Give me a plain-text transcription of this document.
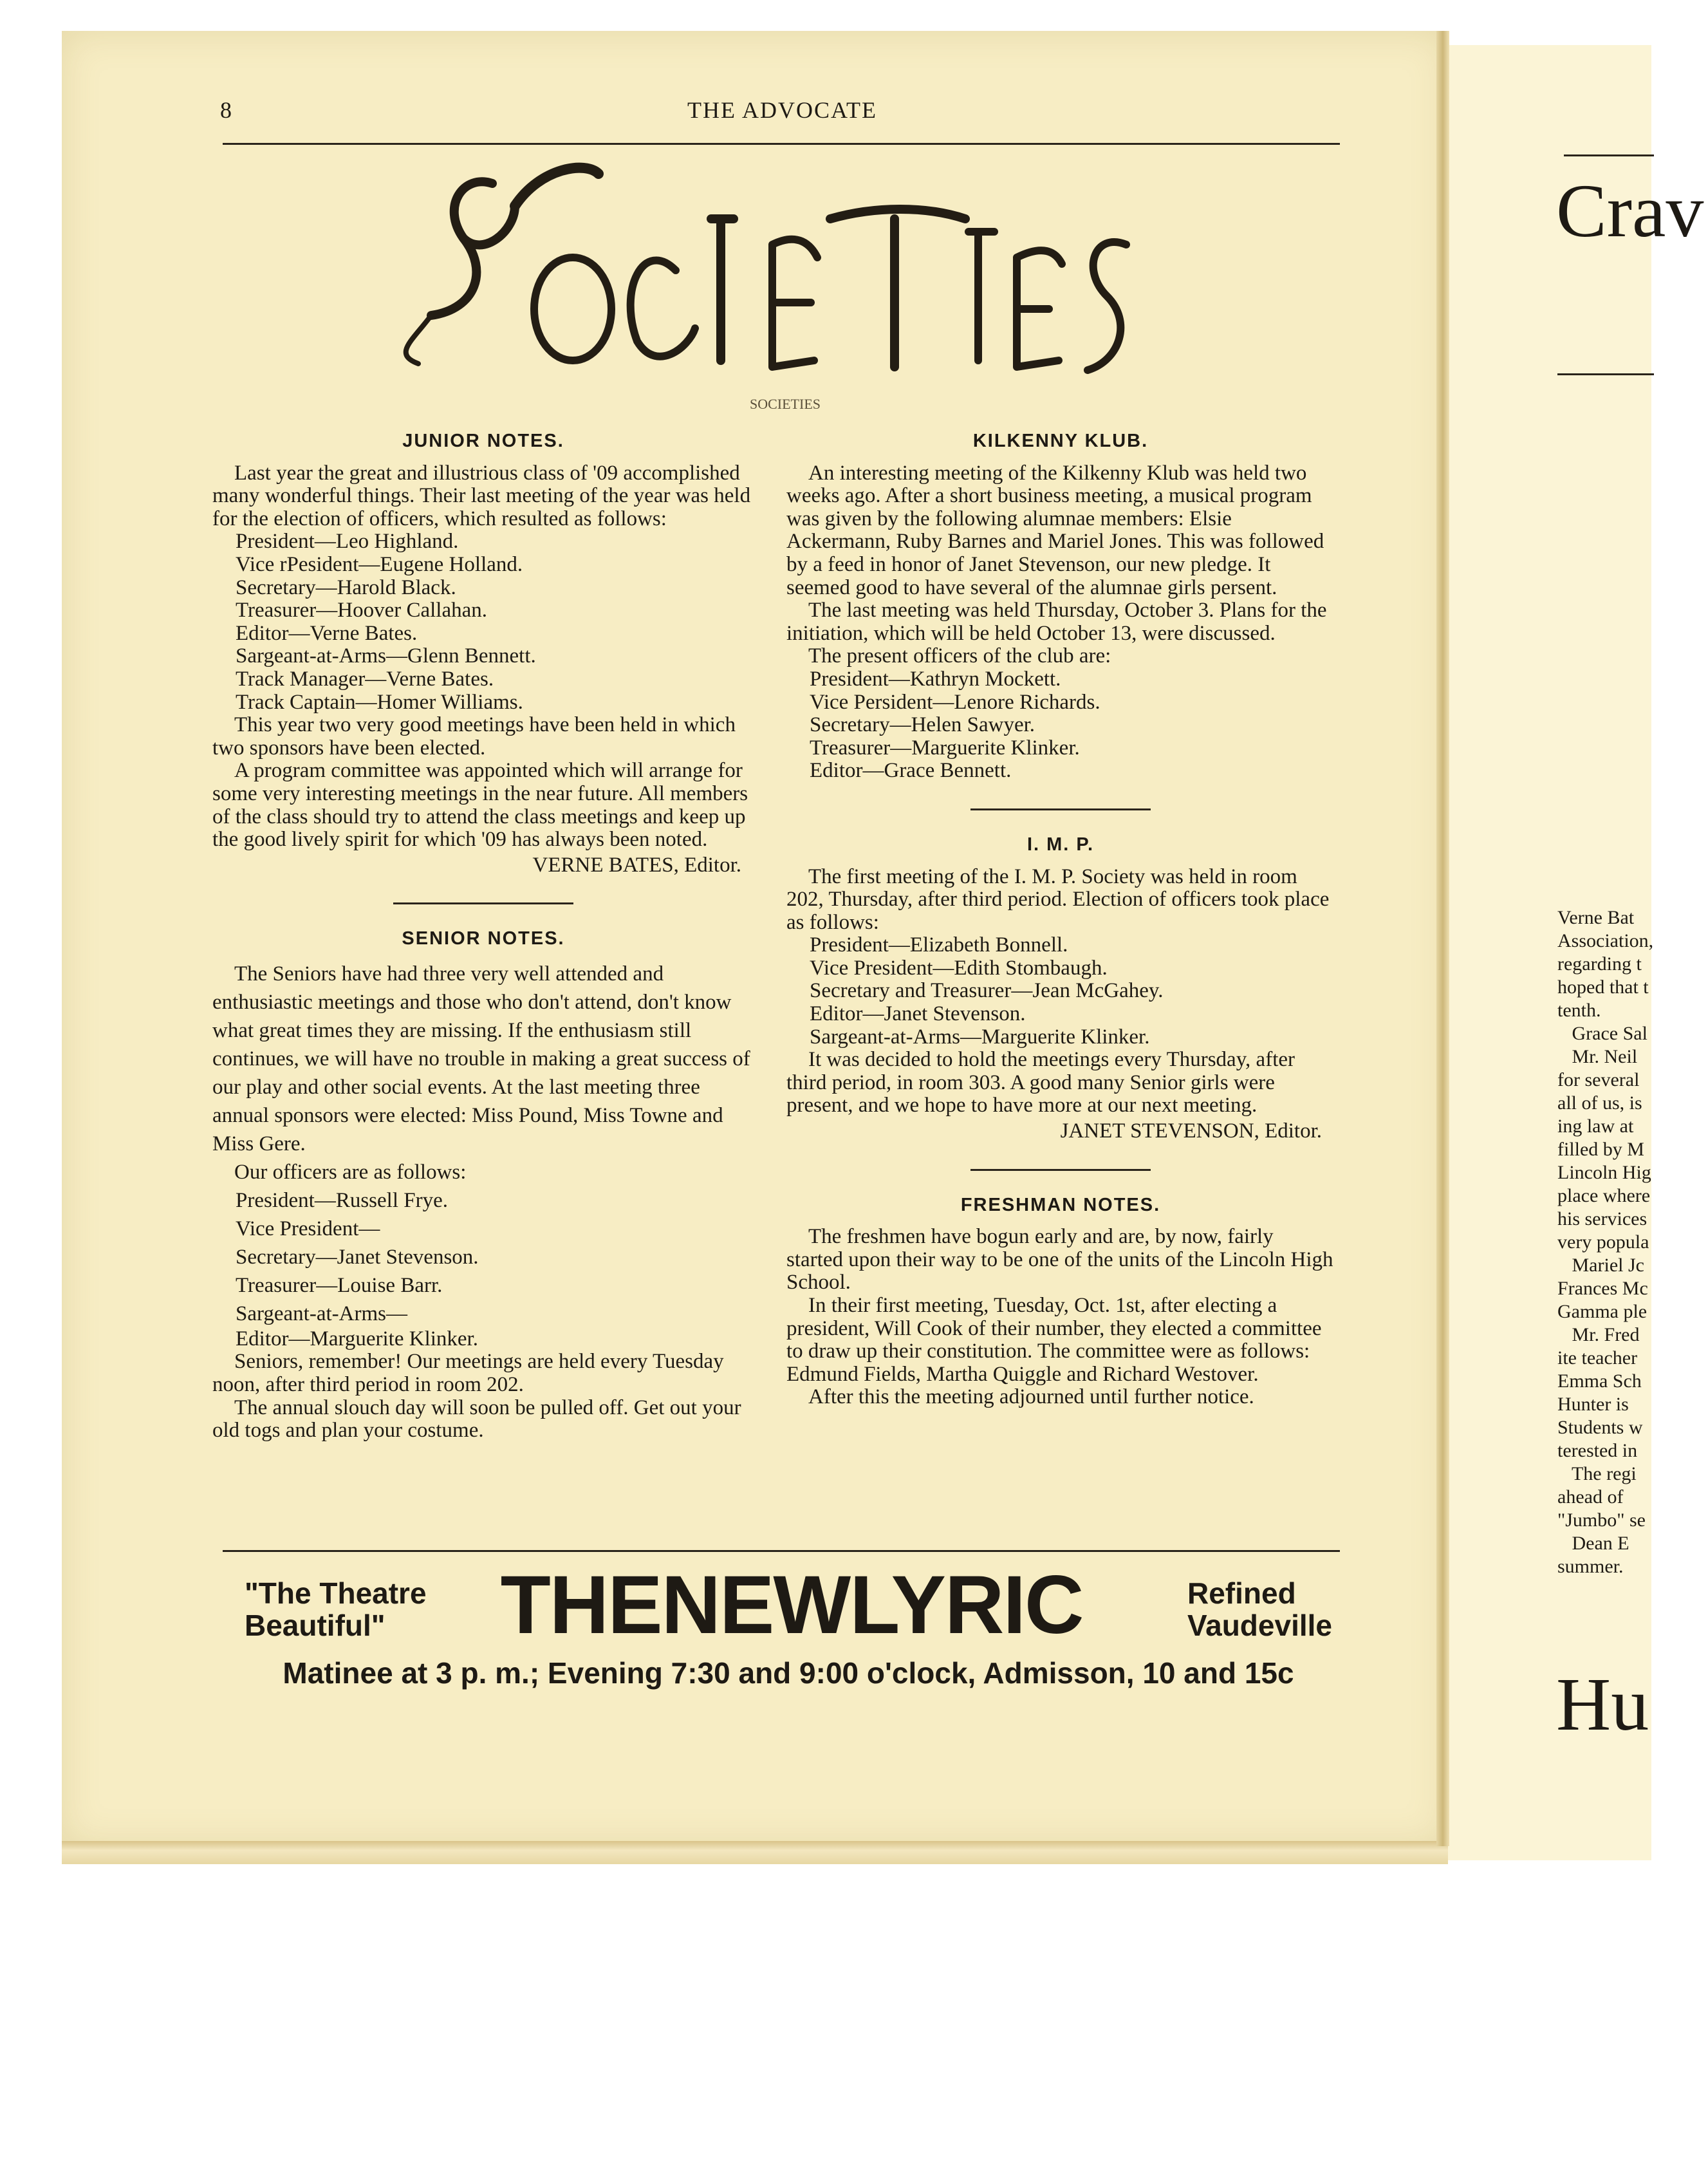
Crav
Verne Bat
Association,
regarding t
hoped that t
tenth.
Grace Sal
Mr. Neil
for several
all of us, is
ing law at
filled by M
Lincoln Hig
place where
his services
very popula
Mariel Jc
Frances Mc
Gamma ple
Mr. Fred
ite teacher
Emma Sch
Hunter is
Students w
terested in
The regi
ahead of
"Jumbo" se
Dean E
summer.
Hu
8	THE ADVOCATE
SOCIETIES
JUNIOR NOTES.

Last year the great and illustrious class of '09 accomplished many wonderful things. Their last meeting of the year was held for the election of officers, which resulted as follows:

President—Leo Highland.

Vice rPesident—Eugene Holland.

Secretary—Harold Black.

Treasurer—Hoover Callahan.

Editor—Verne Bates.

Sargeant-at-Arms—Glenn Bennett.

Track Manager—Verne Bates.

Track Captain—Homer Williams.

This year two very good meetings have been held in which two sponsors have been elected.

A program committee was appointed which will arrange for some very interesting meetings in the near future. All members of the class should try to attend the class meetings and keep up the good lively spirit for which '09 has always been noted.

VERNE BATES, Editor.

SENIOR NOTES.

The Seniors have had three very well attended and enthusiastic meetings and those who don't attend, don't know what great times they are missing. If the enthusiasm still continues, we will have no trouble in making a great success of our play and other social events. At the last meeting three annual sponsors were elected: Miss Pound, Miss Towne and Miss Gere.

Our officers are as follows:

President—Russell Frye.

Vice President—

Secretary—Janet Stevenson.

Treasurer—Louise Barr.

Sargeant-at-Arms—

Editor—Marguerite Klinker.

Seniors, remember! Our meetings are held every Tuesday noon, after third period in room 202.

The annual slouch day will soon be pulled off. Get out your old togs and plan your costume.

KILKENNY KLUB.

An interesting meeting of the Kilkenny Klub was held two weeks ago. After a short business meeting, a musical program was given by the following alumnae members: Elsie Ackermann, Ruby Barnes and Mariel Jones. This was followed by a feed in honor of Janet Stevenson, our new pledge. It seemed good to have several of the alumnae girls persent.

The last meeting was held Thursday, October 3. Plans for the initiation, which will be held October 13, were discussed.

The present officers of the club are:

President—Kathryn Mockett.

Vice Persident—Lenore Richards.

Secretary—Helen Sawyer.

Treasurer—Marguerite Klinker.

Editor—Grace Bennett.

I. M. P.

The first meeting of the I. M. P. Society was held in room 202, Thursday, after third period. Election of officers took place as follows:

President—Elizabeth Bonnell.

Vice President—Edith Stombaugh.

Secretary and Treasurer—Jean McGahey.

Editor—Janet Stevenson.

Sargeant-at-Arms—Marguerite Klinker.

It was decided to hold the meetings every Thursday, after third period, in room 303. A good many Senior girls were present, and we hope to have more at our next meeting.

JANET STEVENSON, Editor.

FRESHMAN NOTES.

The freshmen have bogun early and are, by now, fairly started upon their way to be one of the units of the Lincoln High School.

In their first meeting, Tuesday, Oct. 1st, after electing a president, Will Cook of their number, they elected a committee to draw up their constitution. The committee were as follows: Edmund Fields, Martha Quiggle and Richard Westover.

After this the meeting adjourned until further notice.

"The Theatre
Beautiful"	THENEWLYRIC	Refined
Vaudeville
Matinee at 3 p. m.; Evening 7:30 and 9:00 o'clock, Admisson, 10 and 15c
